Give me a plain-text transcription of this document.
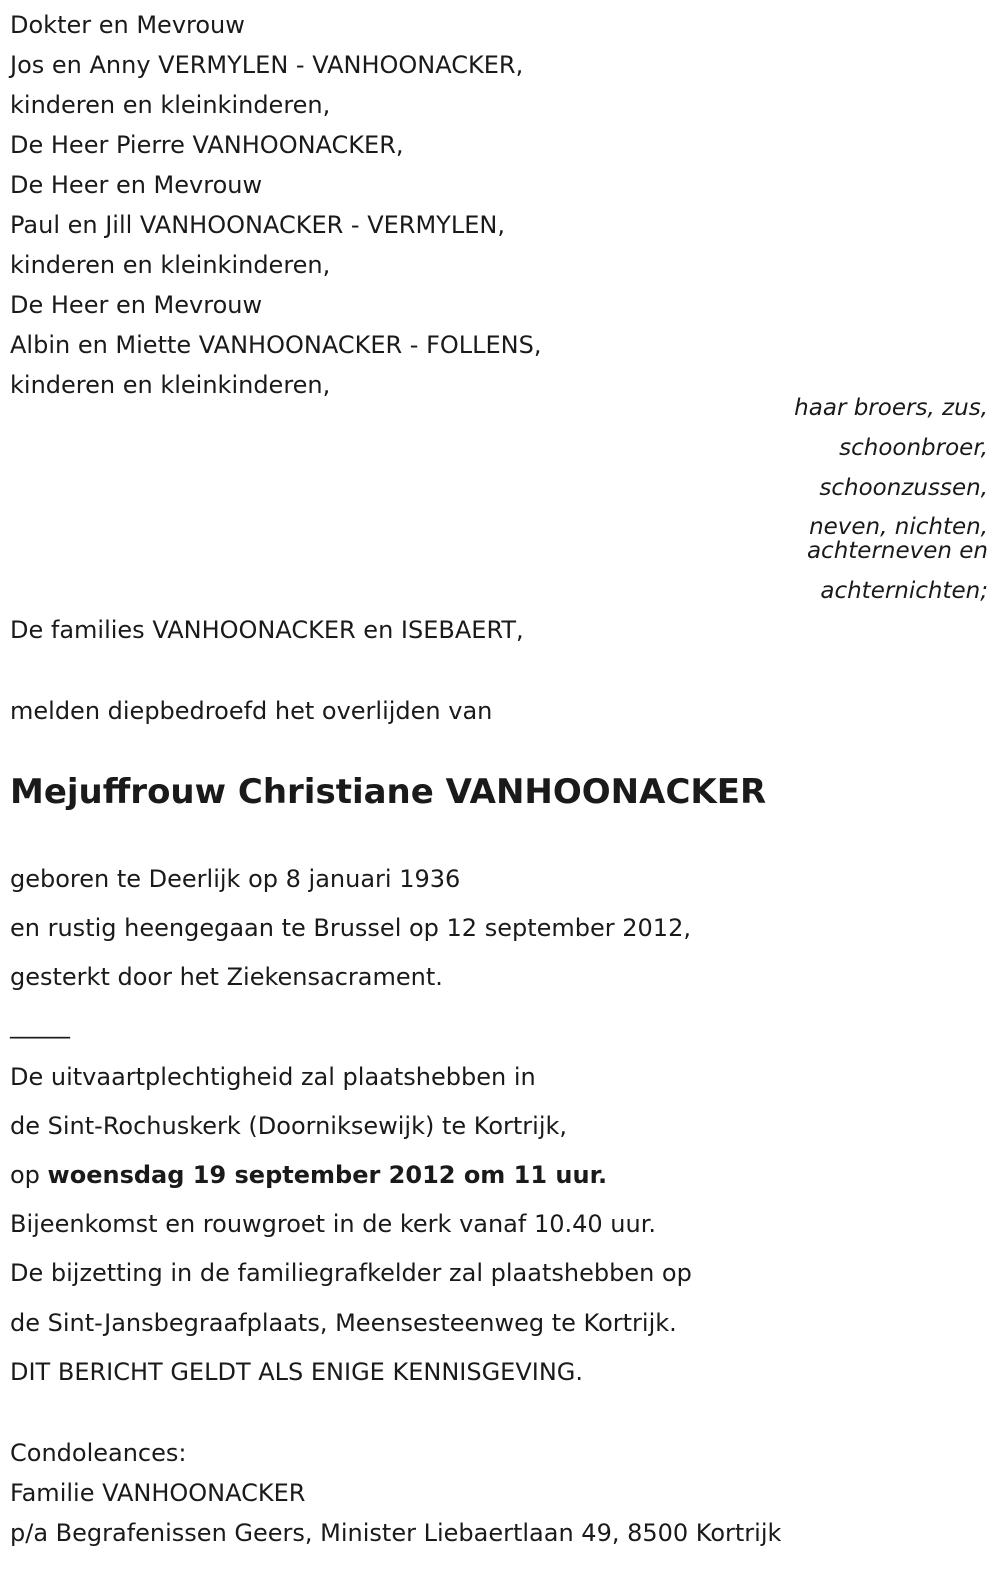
Dokter en Mevrouw
Jos en Anny VERMYLEN - VANHOONACKER,
kinderen en kleinkinderen,
De Heer Pierre VANHOONACKER,
De Heer en Mevrouw
Paul en Jill VANHOONACKER - VERMYLEN,
kinderen en kleinkinderen,
De Heer en Mevrouw
Albin en Miette VANHOONACKER - FOLLENS,
kinderen en kleinkinderen,
haar broers, zus,
schoonbroer,
schoonzussen,
neven, nichten,
achterneven en
achternichten;
De families VANHOONACKER en ISEBAERT,
melden diepbedroefd het overlijden van
Mejuffrouw Christiane VANHOONACKER
geboren te Deerlijk op 8 januari 1936
en rustig heengegaan te Brussel op 12 september 2012,
gesterkt door het Ziekensacrament.
_____
De uitvaartplechtigheid zal plaatshebben in
de Sint-Rochuskerk (Doorniksewijk) te Kortrijk,
op woensdag 19 september 2012 om 11 uur.
Bijeenkomst en rouwgroet in de kerk vanaf 10.40 uur.
De bijzetting in de familiegrafkelder zal plaatshebben op
de Sint-Jansbegraafplaats, Meensesteenweg te Kortrijk.
DIT BERICHT GELDT ALS ENIGE KENNISGEVING.
Condoleances:
Familie VANHOONACKER
p/a Begrafenissen Geers, Minister Liebaertlaan 49, 8500 Kortrijk
